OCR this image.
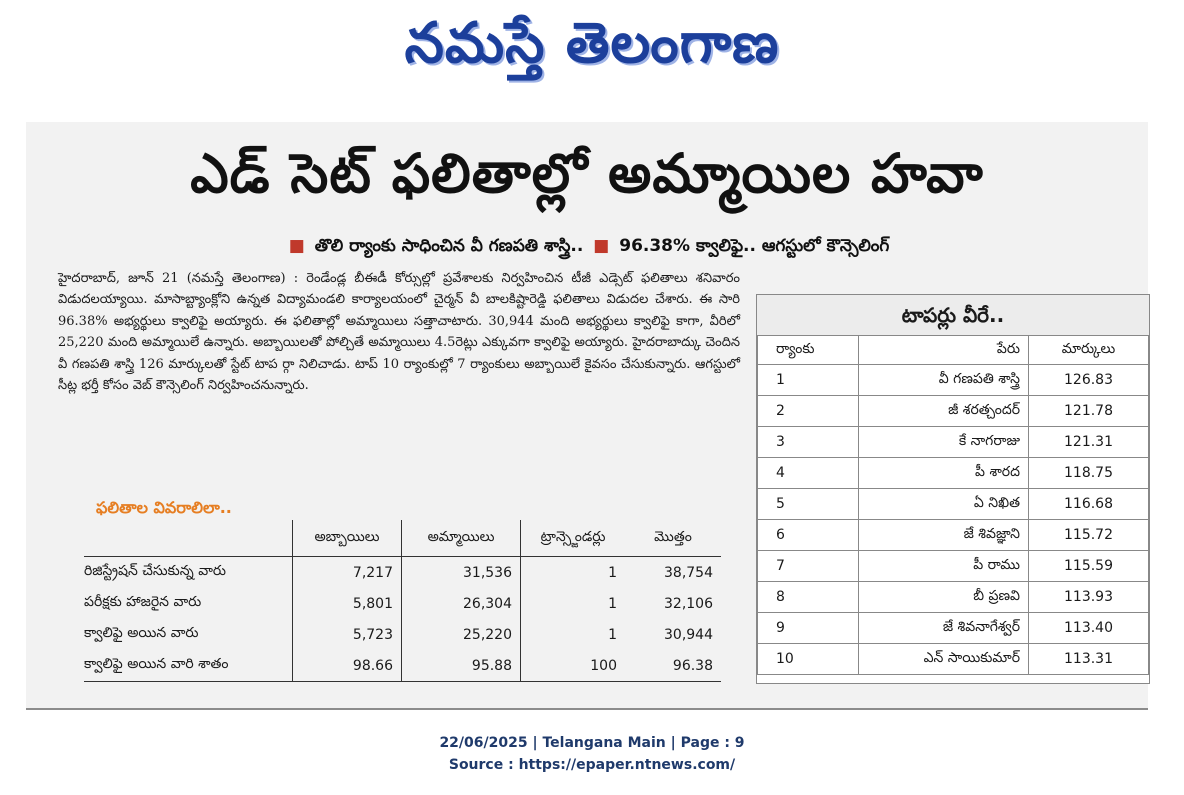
నమస్తే తెలంగాణ
ఎడ్ సెట్ ఫలితాల్లో అమ్మాయిల హవా
■ తొలి ర్యాంకు సాధించిన వీ గణపతి శాస్త్రి.. ■ 96.38% క్వాలిఫై.. ఆగస్టులో కౌన్సెలింగ్
హైదరాబాద్, జూన్ 21 (నమస్తే తెలంగాణ) : రెండేండ్ల బీఈడీ కోర్సుల్లో ప్రవేశాలకు నిర్వహించిన టీజీ ఎడ్సెట్ ఫలితాలు శనివారం విడుదలయ్యాయి. మాసాబ్ట్యాంక్లోని ఉన్నత విద్యామండలి కార్యాలయంలో చైర్మన్ వీ బాలకిష్టారెడ్డి ఫలితాలు విడుదల చేశారు. ఈ సారి 96.38% అభ్యర్థులు క్వాలిఫై అయ్యారు. ఈ ఫలితాల్లో అమ్మాయిలు సత్తాచాటారు. 30,944 మంది అభ్యర్థులు క్వాలిఫై కాగా, వీరిలో 25,220 మంది అమ్మాయిలే ఉన్నారు. అబ్బాయిలతో పోల్చితే అమ్మాయిలు 4.5రెట్లు ఎక్కువగా క్వాలిఫై అయ్యారు. హైదరాబాద్కు చెందిన వీ గణపతి శాస్త్రి 126 మార్కులతో స్టేట్ టాప ర్గా నిలిచాడు. టాప్ 10 ర్యాంకుల్లో 7 ర్యాంకులు అబ్బాయిలే కైవసం చేసుకున్నారు. ఆగస్టులో సీట్ల భర్తీ కోసం వెబ్ కౌన్సెలింగ్ నిర్వహించనున్నారు.
ఫలితాల వివరాలిలా..
	అబ్బాయిలు	అమ్మాయిలు	ట్రాన్స్జెండర్లు	మొత్తం
రిజిస్ట్రేషన్ చేసుకున్న వారు	7,217	31,536	1	38,754
పరీక్షకు హాజరైన వారు	5,801	26,304	1	32,106
క్వాలిఫై అయిన వారు	5,723	25,220	1	30,944
క్వాలిఫై అయిన వారి శాతం	98.66	95.88	100	96.38
టాపర్లు వీరే..
ర్యాంకు	పేరు	మార్కులు
1	వీ గణపతి శాస్త్రి	126.83
2	జీ శరత్చందర్	121.78
3	కే నాగరాజు	121.31
4	పీ శారద	118.75
5	ఏ నిఖిత	116.68
6	జే శివజ్ఞాని	115.72
7	పీ రాము	115.59
8	బీ ప్రణవి	113.93
9	జే శివనాగేశ్వర్	113.40
10	ఎన్ సాయికుమార్	113.31
22/06/2025 | Telangana Main | Page : 9
Source : https://epaper.ntnews.com/
